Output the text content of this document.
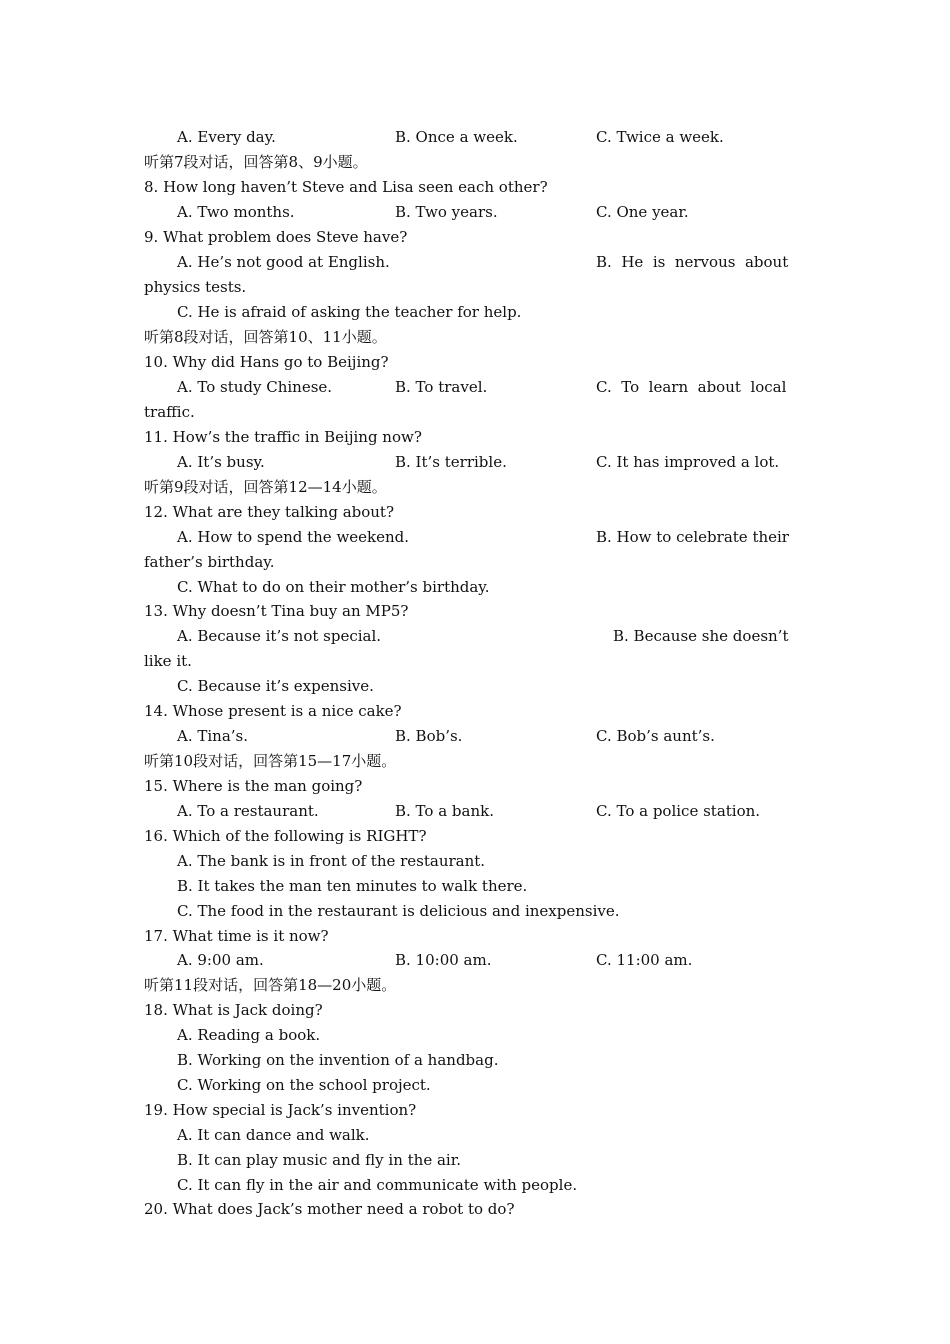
A. Every day.	B. Once a week.	C. Twice a week.
听第7段对话，回答第8、9小题。
8. How long haven’t Steve and Lisa seen each other?
A. Two months.	B. Two years.	C. One year.
9. What problem does Steve have?
A. He’s not good at English.	B.  He  is  nervous  about
physics tests.
C. He is afraid of asking the teacher for help.
听第8段对话，回答第10、11小题。
10. Why did Hans go to Beijing?
A. To study Chinese.	B. To travel.	C.  To  learn  about  local
traffic.
11. How’s the traffic in Beijing now?
A. It’s busy.	B. It’s terrible.	C. It has improved a lot.
听第9段对话，回答第12—14小题。
12. What are they talking about?
A. How to spend the weekend.	B. How to celebrate their
father’s birthday.
C. What to do on their mother’s birthday.
13. Why doesn’t Tina buy an MP5?
A. Because it’s not special.	B. Because she doesn’t
like it.
C. Because it’s expensive.
14. Whose present is a nice cake?
A. Tina’s.	B. Bob’s.	C. Bob’s aunt’s.
听第10段对话，回答第15—17小题。
15. Where is the man going?
A. To a restaurant.	B. To a bank.	C. To a police station.
16. Which of the following is RIGHT?
A. The bank is in front of the restaurant.
B. It takes the man ten minutes to walk there.
C. The food in the restaurant is delicious and inexpensive.
17. What time is it now?
A. 9:00 am.	B. 10:00 am.	C. 11:00 am.
听第11段对话，回答第18—20小题。
18. What is Jack doing?
A. Reading a book.
B. Working on the invention of a handbag.
C. Working on the school project.
19. How special is Jack’s invention?
A. It can dance and walk.
B. It can play music and fly in the air.
C. It can fly in the air and communicate with people.
20. What does Jack’s mother need a robot to do?
